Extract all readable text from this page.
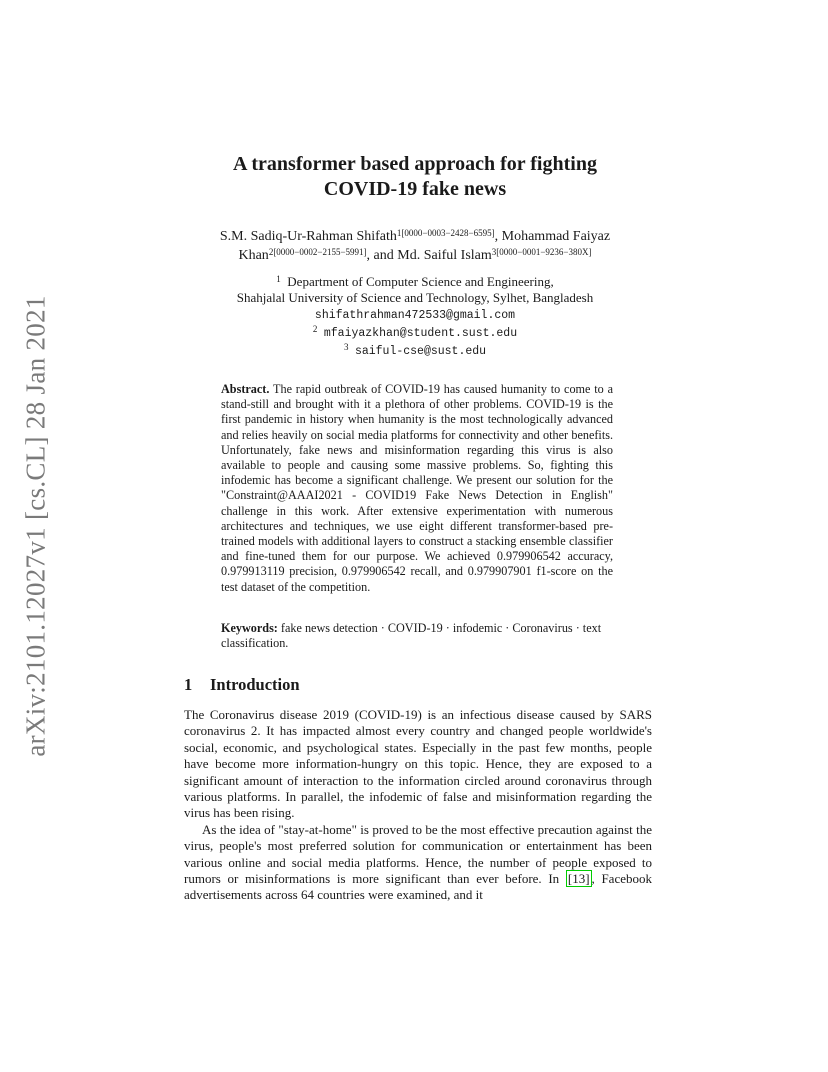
arXiv:2101.12027v1 [cs.CL] 28 Jan 2021
A transformer based approach for fighting
COVID-19 fake news
S.M. Sadiq-Ur-Rahman Shifath$^{1[0000-0003-2428-6595]}$, Mohammad Faiyaz
Khan$^{2[0000-0002-2155-5991]}$, and Md. Saiful Islam$^{3[0000-0001-9236-380X]}$
$^1$ Department of Computer Science and Engineering,
Shahjalal University of Science and Technology, Sylhet, Bangladesh
shifathrahman472533@gmail.com
$^2$ mfaiyazkhan@student.sust.edu
$^3$ saiful-cse@sust.edu

Abstract. The rapid outbreak of COVID-19 has caused humanity to come to a stand-still and brought with it a plethora of other problems. COVID-19 is the first pandemic in history when humanity is the most technologically advanced and relies heavily on social media platforms for connectivity and other benefits. Unfortunately, fake news and misinformation regarding this virus is also available to people and causing some massive problems. So, fighting this infodemic has become a significant challenge. We present our solution for the "Constraint@AAAI2021 - COVID19 Fake News Detection in English" challenge in this work. After extensive experimentation with numerous architectures and techniques, we use eight different transformer-based pre-trained models with additional layers to construct a stacking ensemble classifier and fine-tuned them for our purpose. We achieved 0.979906542 accuracy, 0.979913119 precision, 0.979906542 recall, and 0.979907901 f1-score on the test dataset of the competition.

Keywords: fake news detection · COVID-19 · infodemic · Coronavirus · text classification.
1 Introduction

The Coronavirus disease 2019 (COVID-19) is an infectious disease caused by SARS coronavirus 2. It has impacted almost every country and changed people worldwide's social, economic, and psychological states. Especially in the past few months, people have become more information-hungry on this topic. Hence, they are exposed to a significant amount of interaction to the information circled around coronavirus through various platforms. In parallel, the infodemic of false and misinformation regarding the virus has been rising.

As the idea of "stay-at-home" is proved to be the most effective precaution against the virus, people's most preferred solution for communication or entertainment has been various online and social media platforms. Hence, the number of people exposed to rumors or misinformations is more significant than ever before. In [13] , Facebook advertisements across 64 countries were examined, and it
